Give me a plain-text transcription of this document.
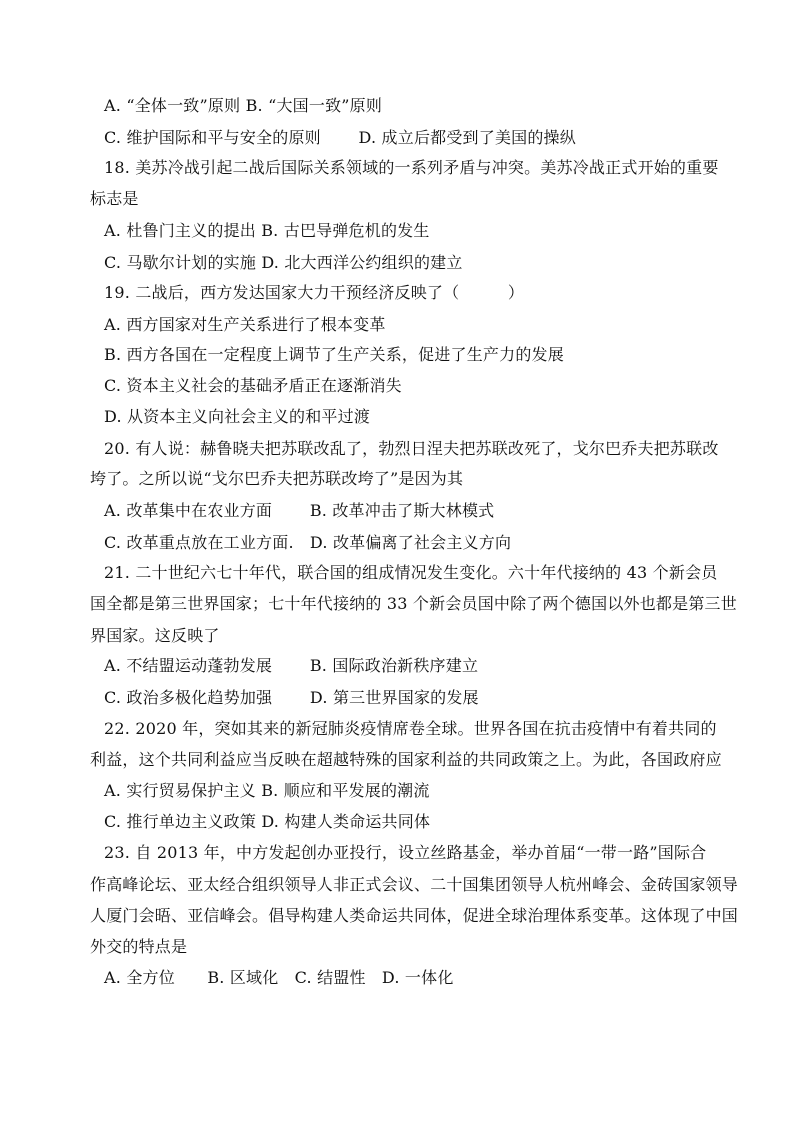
A. “全体一致”原则 B. “大国一致”原则
C. 维护国际和平与安全的原则　　 D. 成立后都受到了美国的操纵
18. 美苏冷战引起二战后国际关系领域的一系列矛盾与冲突。美苏冷战正式开始的重要
标志是
A. 杜鲁门主义的提出 B. 古巴导弹危机的发生
C. 马歇尔计划的实施 D. 北大西洋公约组织的建立
19. 二战后，西方发达国家大力干预经济反映了（　　　）
A. 西方国家对生产关系进行了根本变革
B. 西方各国在一定程度上调节了生产关系，促进了生产力的发展
C. 资本主义社会的基础矛盾正在逐渐消失
D. 从资本主义向社会主义的和平过渡
20. 有人说：赫鲁晓夫把苏联改乱了，勃烈日涅夫把苏联改死了，戈尔巴乔夫把苏联改
垮了。之所以说“戈尔巴乔夫把苏联改垮了”是因为其
A. 改革集中在农业方面　　 B. 改革冲击了斯大林模式
C. 改革重点放在工业方面.　D. 改革偏离了社会主义方向
21. 二十世纪六七十年代，联合国的组成情况发生变化。六十年代接纳的 43 个新会员
国全都是第三世界国家；七十年代接纳的 33 个新会员国中除了两个德国以外也都是第三世
界国家。这反映了
A. 不结盟运动蓬勃发展　　 B. 国际政治新秩序建立
C. 政治多极化趋势加强　　 D. 第三世界国家的发展
22. 2020 年，突如其来的新冠肺炎疫情席卷全球。世界各国在抗击疫情中有着共同的
利益，这个共同利益应当反映在超越特殊的国家利益的共同政策之上。为此，各国政府应
A. 实行贸易保护主义 B. 顺应和平发展的潮流
C. 推行单边主义政策 D. 构建人类命运共同体
23. 自 2013 年，中方发起创办亚投行，设立丝路基金，举办首届“一带一路”国际合
作高峰论坛、亚太经合组织领导人非正式会议、二十国集团领导人杭州峰会、金砖国家领导
人厦门会晤、亚信峰会。倡导构建人类命运共同体，促进全球治理体系变革。这体现了中国
外交的特点是
A. 全方位　　B. 区域化　C. 结盟性　D. 一体化
